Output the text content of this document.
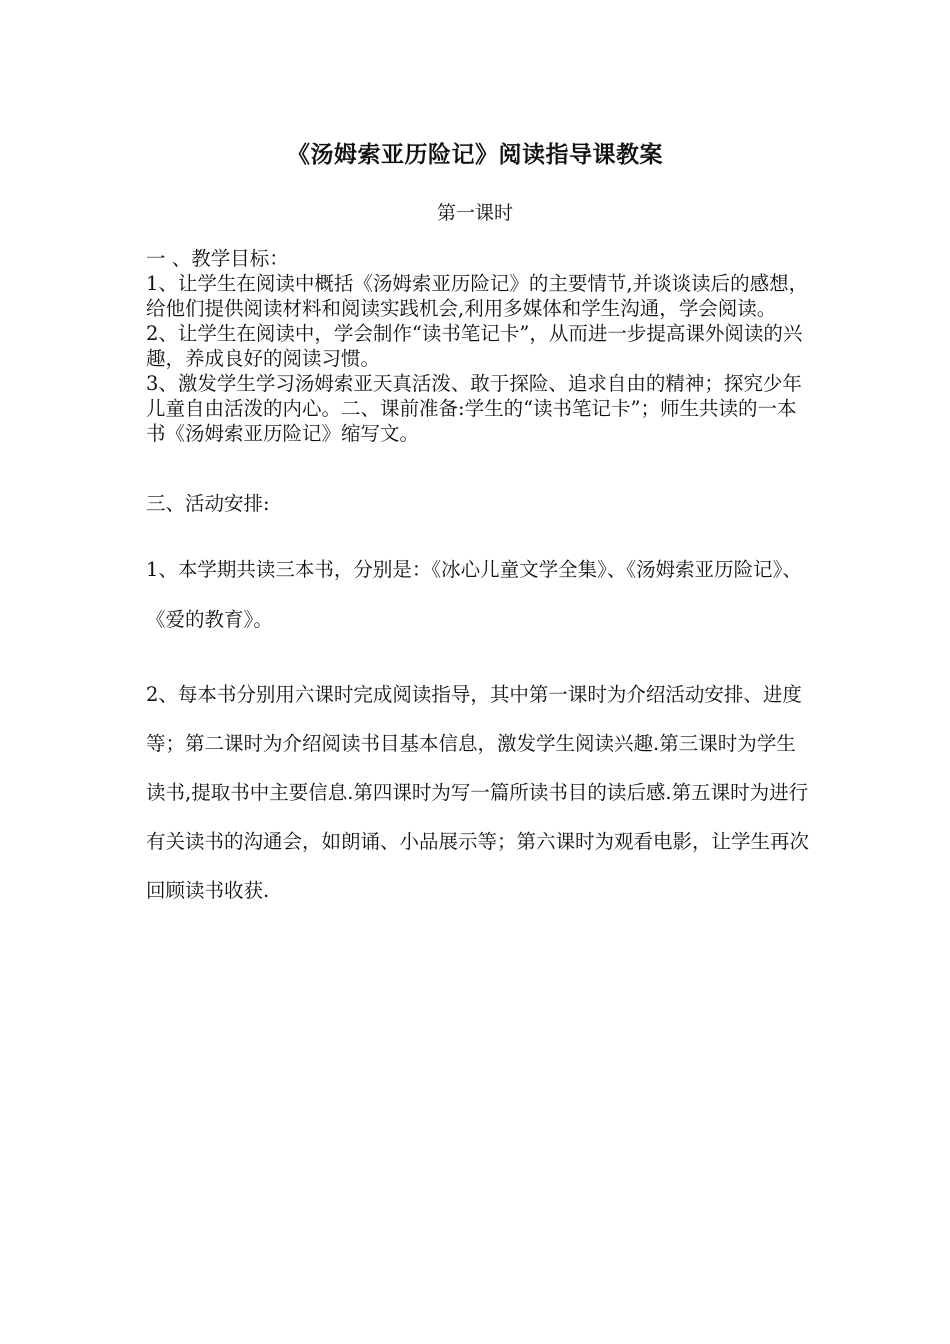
《汤姆索亚历险记》阅读指导课教案
第一课时

一 、教学目标：

1、让学生在阅读中概括《汤姆索亚历险记》的主要情节,并谈谈读后的感想，给他们提供阅读材料和阅读实践机会,利用多媒体和学生沟通，学会阅读。

2、让学生在阅读中，学会制作“读书笔记卡”，从而进一步提高课外阅读的兴趣，养成良好的阅读习惯。

3、激发学生学习汤姆索亚天真活泼、敢于探险、追求自由的精神；探究少年儿童自由活泼的内心。二、课前准备:学生的“读书笔记卡”；师生共读的一本书《汤姆索亚历险记》缩写文。

三、活动安排:

1、本学期共读三本书，分别是：《冰心儿童文学全集》、《汤姆索亚历险记》、《爱的教育》。

2、每本书分别用六课时完成阅读指导，其中第一课时为介绍活动安排、进度等；第二课时为介绍阅读书目基本信息，激发学生阅读兴趣.第三课时为学生读书,提取书中主要信息.第四课时为写一篇所读书目的读后感.第五课时为进行有关读书的沟通会，如朗诵、小品展示等；第六课时为观看电影，让学生再次回顾读书收获.
